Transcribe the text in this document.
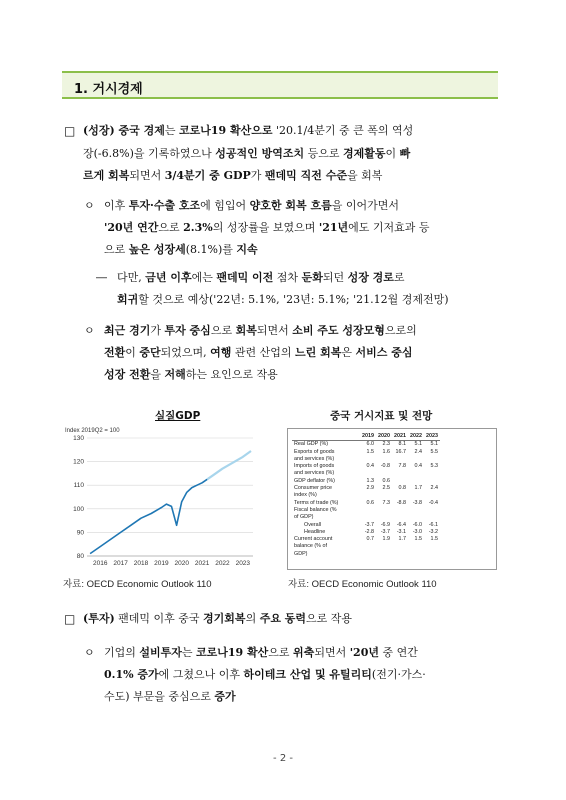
1. 거시경제
□ (성장) 중국 경제는 코로나19 확산으로 '20.1/4분기 중 큰 폭의 역성
장(-6.8%)을 기록하였으나 성공적인 방역조치 등으로 경제활동이 빠
르게 회복되면서 3/4분기 중 GDP가 팬데믹 직전 수준을 회복
ㅇ 이후 투자·수출 호조에 힘입어 양호한 회복 흐름을 이어가면서
'20년 연간으로 2.3%의 성장률을 보였으며 '21년에도 기저효과 등
으로 높은 성장세(8.1%)를 지속
― 다만, 금년 이후에는 팬데믹 이전 점차 둔화되던 성장 경로로
회귀할 것으로 예상('22년: 5.1%, '23년: 5.1%; '21.12월 경제전망)
ㅇ 최근 경기가 투자 중심으로 회복되면서 소비 주도 성장모형으로의
전환이 중단되었으며, 여행 관련 산업의 느린 회복은 서비스 중심
성장 전환을 저해하는 요인으로 작용
실질GDP
Index 2019Q2 = 100
80
90
100
110
120
130
2016 2017 2018 2019 2020 2021 2022 2023
자료: OECD Economic Outlook 110
중국 거시지표 및 전망
	2019	2020	2021	2022	2023
Real GDP (%)	6.0	2.3	8.1	5.1	5.1
Exports of goods	1.5	1.6	16.7	2.4	5.5
and services (%)					
Imports of goods	0.4	-0.8	7.8	0.4	5.3
and services (%)					
GDP deflator (%)	1.3	0.6			
Consumer price	2.9	2.5	0.8	1.7	2.4
index (%)					
Terms of trade (%)	0.6	7.3	-8.8	-3.8	-0.4
Fiscal balance (%					
of GDP)					
Overall	-3.7	-6.9	-6.4	-6.0	-6.1
Headline	-2.8	-3.7	-3.1	-3.0	-3.2
Current account	0.7	1.9	1.7	1.5	1.5
balance (% of					
GDP)					
자료: OECD Economic Outlook 110
□ (투자) 팬데믹 이후 중국 경기회복의 주요 동력으로 작용
ㅇ 기업의 설비투자는 코로나19 확산으로 위축되면서 '20년 중 연간
0.1% 증가에 그쳤으나 이후 하이테크 산업 및 유틸리티(전기·가스·
수도) 부문을 중심으로 증가
- 2 -
